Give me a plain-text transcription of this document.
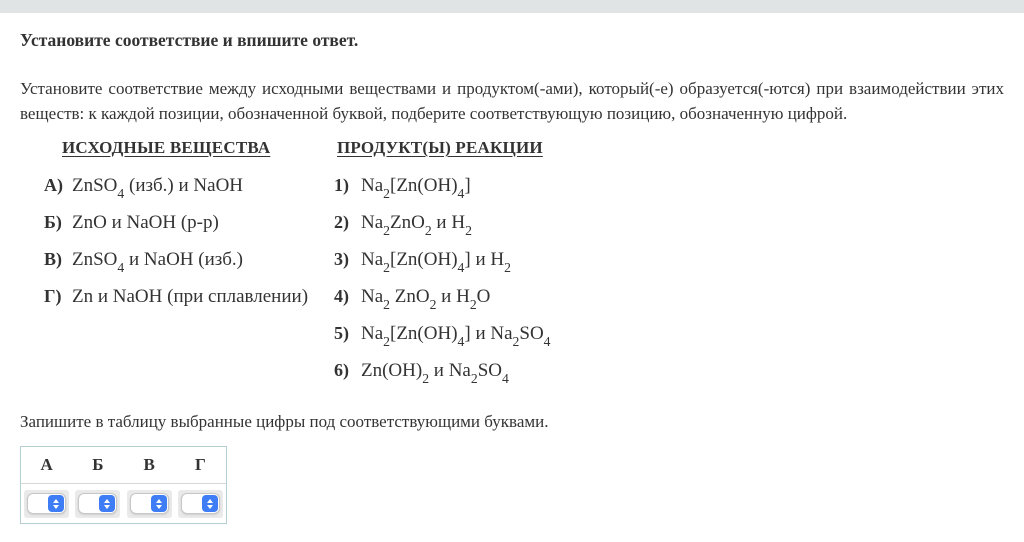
Установите соответствие и впишите ответ.

Установите соответствие между исходными веществами и продуктом(-ами), который(-е) образуется(-ются) при взаимодействии этих веществ: к каждой позиции, обозначенной буквой, подберите соответствующую позицию, обозначенную цифрой.

ИСХОДНЫЕ ВЕЩЕСТВА
А) ZnSO$_4$ (изб.) и NaOH
Б) ZnO и NaOH (р-р)
В) ZnSO$_4$ и NaOH (изб.)
Г) Zn и NaOH (при сплавлении)
ПРОДУКТ(Ы) РЕАКЦИИ
1) $Na_2[Zn(OH)_4]$
2) $Na_2ZnO_2$ и $H_2$
3) $Na_2[Zn(OH)_4]$ и $H_2$
4) $Na_2$ ZnO$_2$ и $H_2O$
5) $Na_2[Zn(OH)_4]$ и $Na_2SO_4$
6) $Zn(OH)_2$ и $Na_2SO_4$

Запишите в таблицу выбранные цифры под соответствующими буквами.

А	Б	В	Г
